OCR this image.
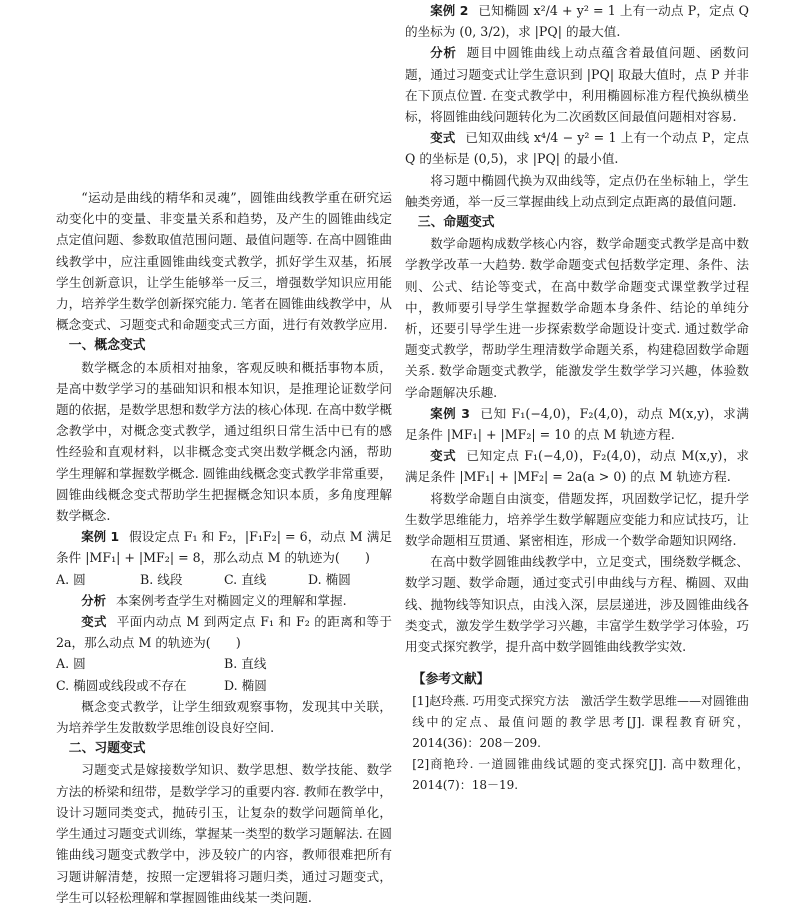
“运动是曲线的精华和灵魂”，圆锥曲线教学重在研究运动变化中的变量、非变量关系和趋势，及产生的圆锥曲线定点定值问题、参数取值范围问题、最值问题等. 在高中圆锥曲线教学中，应注重圆锥曲线变式教学，抓好学生双基，拓展学生创新意识，让学生能够举一反三，增强数学知识应用能力，培养学生数学创新探究能力. 笔者在圆锥曲线教学中，从概念变式、习题变式和命题变式三方面，进行有效教学应用.

一、概念变式

数学概念的本质相对抽象，客观反映和概括事物本质，是高中数学学习的基础知识和根本知识，是推理论证数学问题的依据，是数学思想和数学方法的核心体现. 在高中数学概念教学中，对概念变式教学，通过组织日常生活中已有的感性经验和直观材料，以非概念变式突出数学概念内涵，帮助学生理解和掌握数学概念. 圆锥曲线概念变式教学非常重要，圆锥曲线概念变式帮助学生把握概念知识本质，多角度理解数学概念.

案例 1 假设定点 F₁ 和 F₂，|F₁F₂| = 6，动点 M 满足条件 |MF₁| + |MF₂| = 8，那么动点 M 的轨迹为(　　)

A. 圆	B. 线段	C. 直线	D. 椭圆

分析 本案例考查学生对椭圆定义的理解和掌握.

变式 平面内动点 M 到两定点 F₁ 和 F₂ 的距离和等于 2a，那么动点 M 的轨迹为(　　)

A. 圆	B. 直线
C. 椭圆或线段或不存在	D. 椭圆

概念变式教学，让学生细致观察事物，发现其中关联，为培养学生发散数学思维创设良好空间.

二、习题变式

习题变式是嫁接数学知识、数学思想、数学技能、数学方法的桥梁和纽带，是数学学习的重要内容. 教师在教学中，设计习题同类变式，抛砖引玉，让复杂的数学问题简单化，学生通过习题变式训练，掌握某一类型的数学习题解法. 在圆锥曲线习题变式教学中，涉及较广的内容，教师很难把所有习题讲解清楚，按照一定逻辑将习题归类，通过习题变式，学生可以轻松理解和掌握圆锥曲线某一类问题.

案例 2 已知椭圆 x²/4 + y² = 1 上有一动点 P，定点 Q 的坐标为 (0, 3/2)，求 |PQ| 的最大值.

分析 题目中圆锥曲线上动点蕴含着最值问题、函数问题，通过习题变式让学生意识到 |PQ| 取最大值时，点 P 并非在下顶点位置. 在变式教学中，利用椭圆标准方程代换纵横坐标，将圆锥曲线问题转化为二次函数区间最值问题相对容易.

变式 已知双曲线 x⁴/4 − y² = 1 上有一个动点 P，定点 Q 的坐标是 (0,5)，求 |PQ| 的最小值.

将习题中椭圆代换为双曲线等，定点仍在坐标轴上，学生触类旁通，举一反三掌握曲线上动点到定点距离的最值问题.

三、命题变式

数学命题构成数学核心内容，数学命题变式教学是高中数学教学改革一大趋势. 数学命题变式包括数学定理、条件、法则、公式、结论等变式，在高中数学命题变式课堂教学过程中，教师要引导学生掌握数学命题本身条件、结论的单纯分析，还要引导学生进一步探索数学命题设计变式. 通过数学命题变式教学，帮助学生理清数学命题关系，构建稳固数学命题关系. 数学命题变式教学，能激发学生数学学习兴趣，体验数学命题解决乐趣.

案例 3 已知 F₁(−4,0)，F₂(4,0)，动点 M(x,y)，求满足条件 |MF₁| + |MF₂| = 10 的点 M 轨迹方程.

变式 已知定点 F₁(−4,0)，F₂(4,0)，动点 M(x,y)，求满足条件 |MF₁| + |MF₂| = 2a(a > 0) 的点 M 轨迹方程.

将数学命题自由演变，借题发挥，巩固数学记忆，提升学生数学思维能力，培养学生数学解题应变能力和应试技巧，让数学命题相互贯通、紧密相连，形成一个数学命题知识网络.

在高中数学圆锥曲线教学中，立足变式，围绕数学概念、数学习题、数学命题，通过变式引申曲线与方程、椭圆、双曲线、抛物线等知识点，由浅入深，层层递进，涉及圆锥曲线各类变式，激发学生数学学习兴趣，丰富学生数学学习体验，巧用变式探究教学，提升高中数学圆锥曲线教学实效.

【参考文献】

[1]赵玲燕. 巧用变式探究方法　激活学生数学思维——对圆锥曲线中的定点、最值问题的教学思考[J]. 课程教育研究，2014(36)：208－209.

[2]商艳玲. 一道圆锥曲线试题的变式探究[J]. 高中数理化，2014(7)：18－19.
